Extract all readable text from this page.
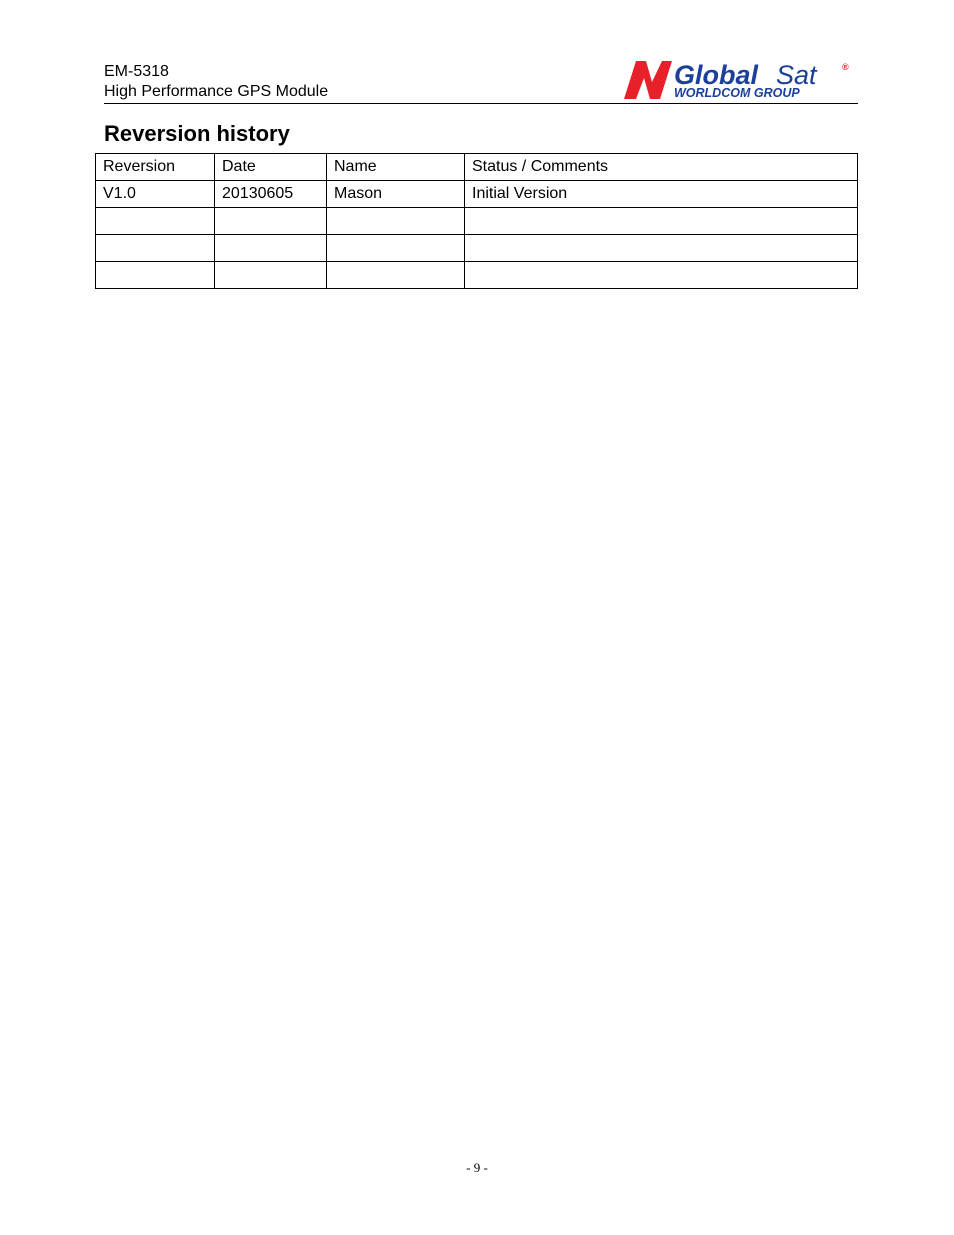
EM-5318
High Performance GPS Module
Global Sat	®
WORLDCOM GROUP
Reversion history
Reversion	Date	Name	Status / Comments
V1.0	20130605	Mason	Initial Version

- 9 -
